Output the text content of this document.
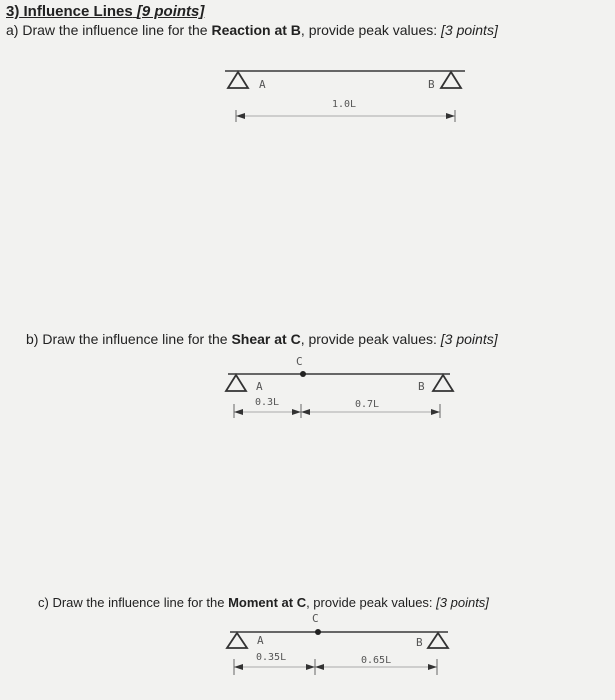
3) Influence Lines [9 points]
a) Draw the influence line for the Reaction at B, provide peak values: [3 points]
b) Draw the influence line for the Shear at C, provide peak values: [3 points]
c) Draw the influence line for the Moment at C, provide peak values: [3 points]
A	B
1.0L
C
A	B
0.3L	0.7L
C
A	B
0.35L	0.65L
